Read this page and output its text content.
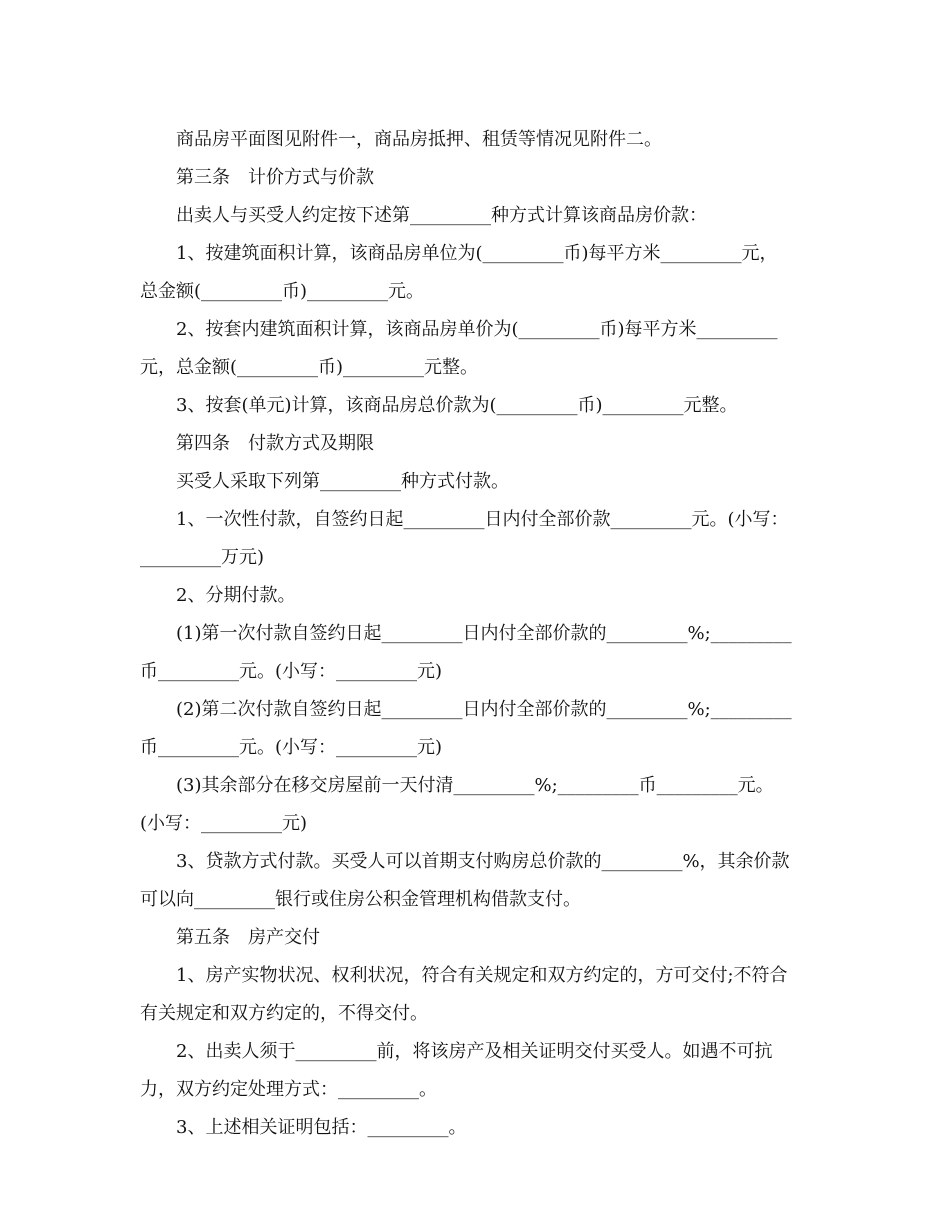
商品房平面图见附件一，商品房抵押、租赁等情况见附件二。
第三条　计价方式与价款
出卖人与买受人约定按下述第_________种方式计算该商品房价款：
1、按建筑面积计算，该商品房单位为(_________币)每平方米_________元，
总金额(_________币)_________元。
2、按套内建筑面积计算，该商品房单价为(_________币)每平方米_________
元，总金额(_________币)_________元整。
3、按套(单元)计算，该商品房总价款为(_________币)_________元整。
第四条　付款方式及期限
买受人采取下列第_________种方式付款。
1、一次性付款，自签约日起_________日内付全部价款_________元。(小写：
_________万元)
2、分期付款。
(1)第一次付款自签约日起_________日内付全部价款的_________%;_________
币_________元。(小写：_________元)
(2)第二次付款自签约日起_________日内付全部价款的_________%;_________
币_________元。(小写：_________元)
(3)其余部分在移交房屋前一天付清_________%;_________币_________元。
(小写：_________元)
3、贷款方式付款。买受人可以首期支付购房总价款的_________%，其余价款
可以向_________银行或住房公积金管理机构借款支付。
第五条　房产交付
1、房产实物状况、权利状况，符合有关规定和双方约定的，方可交付;不符合
有关规定和双方约定的，不得交付。
2、出卖人须于_________前，将该房产及相关证明交付买受人。如遇不可抗
力，双方约定处理方式：_________。
3、上述相关证明包括：_________。
